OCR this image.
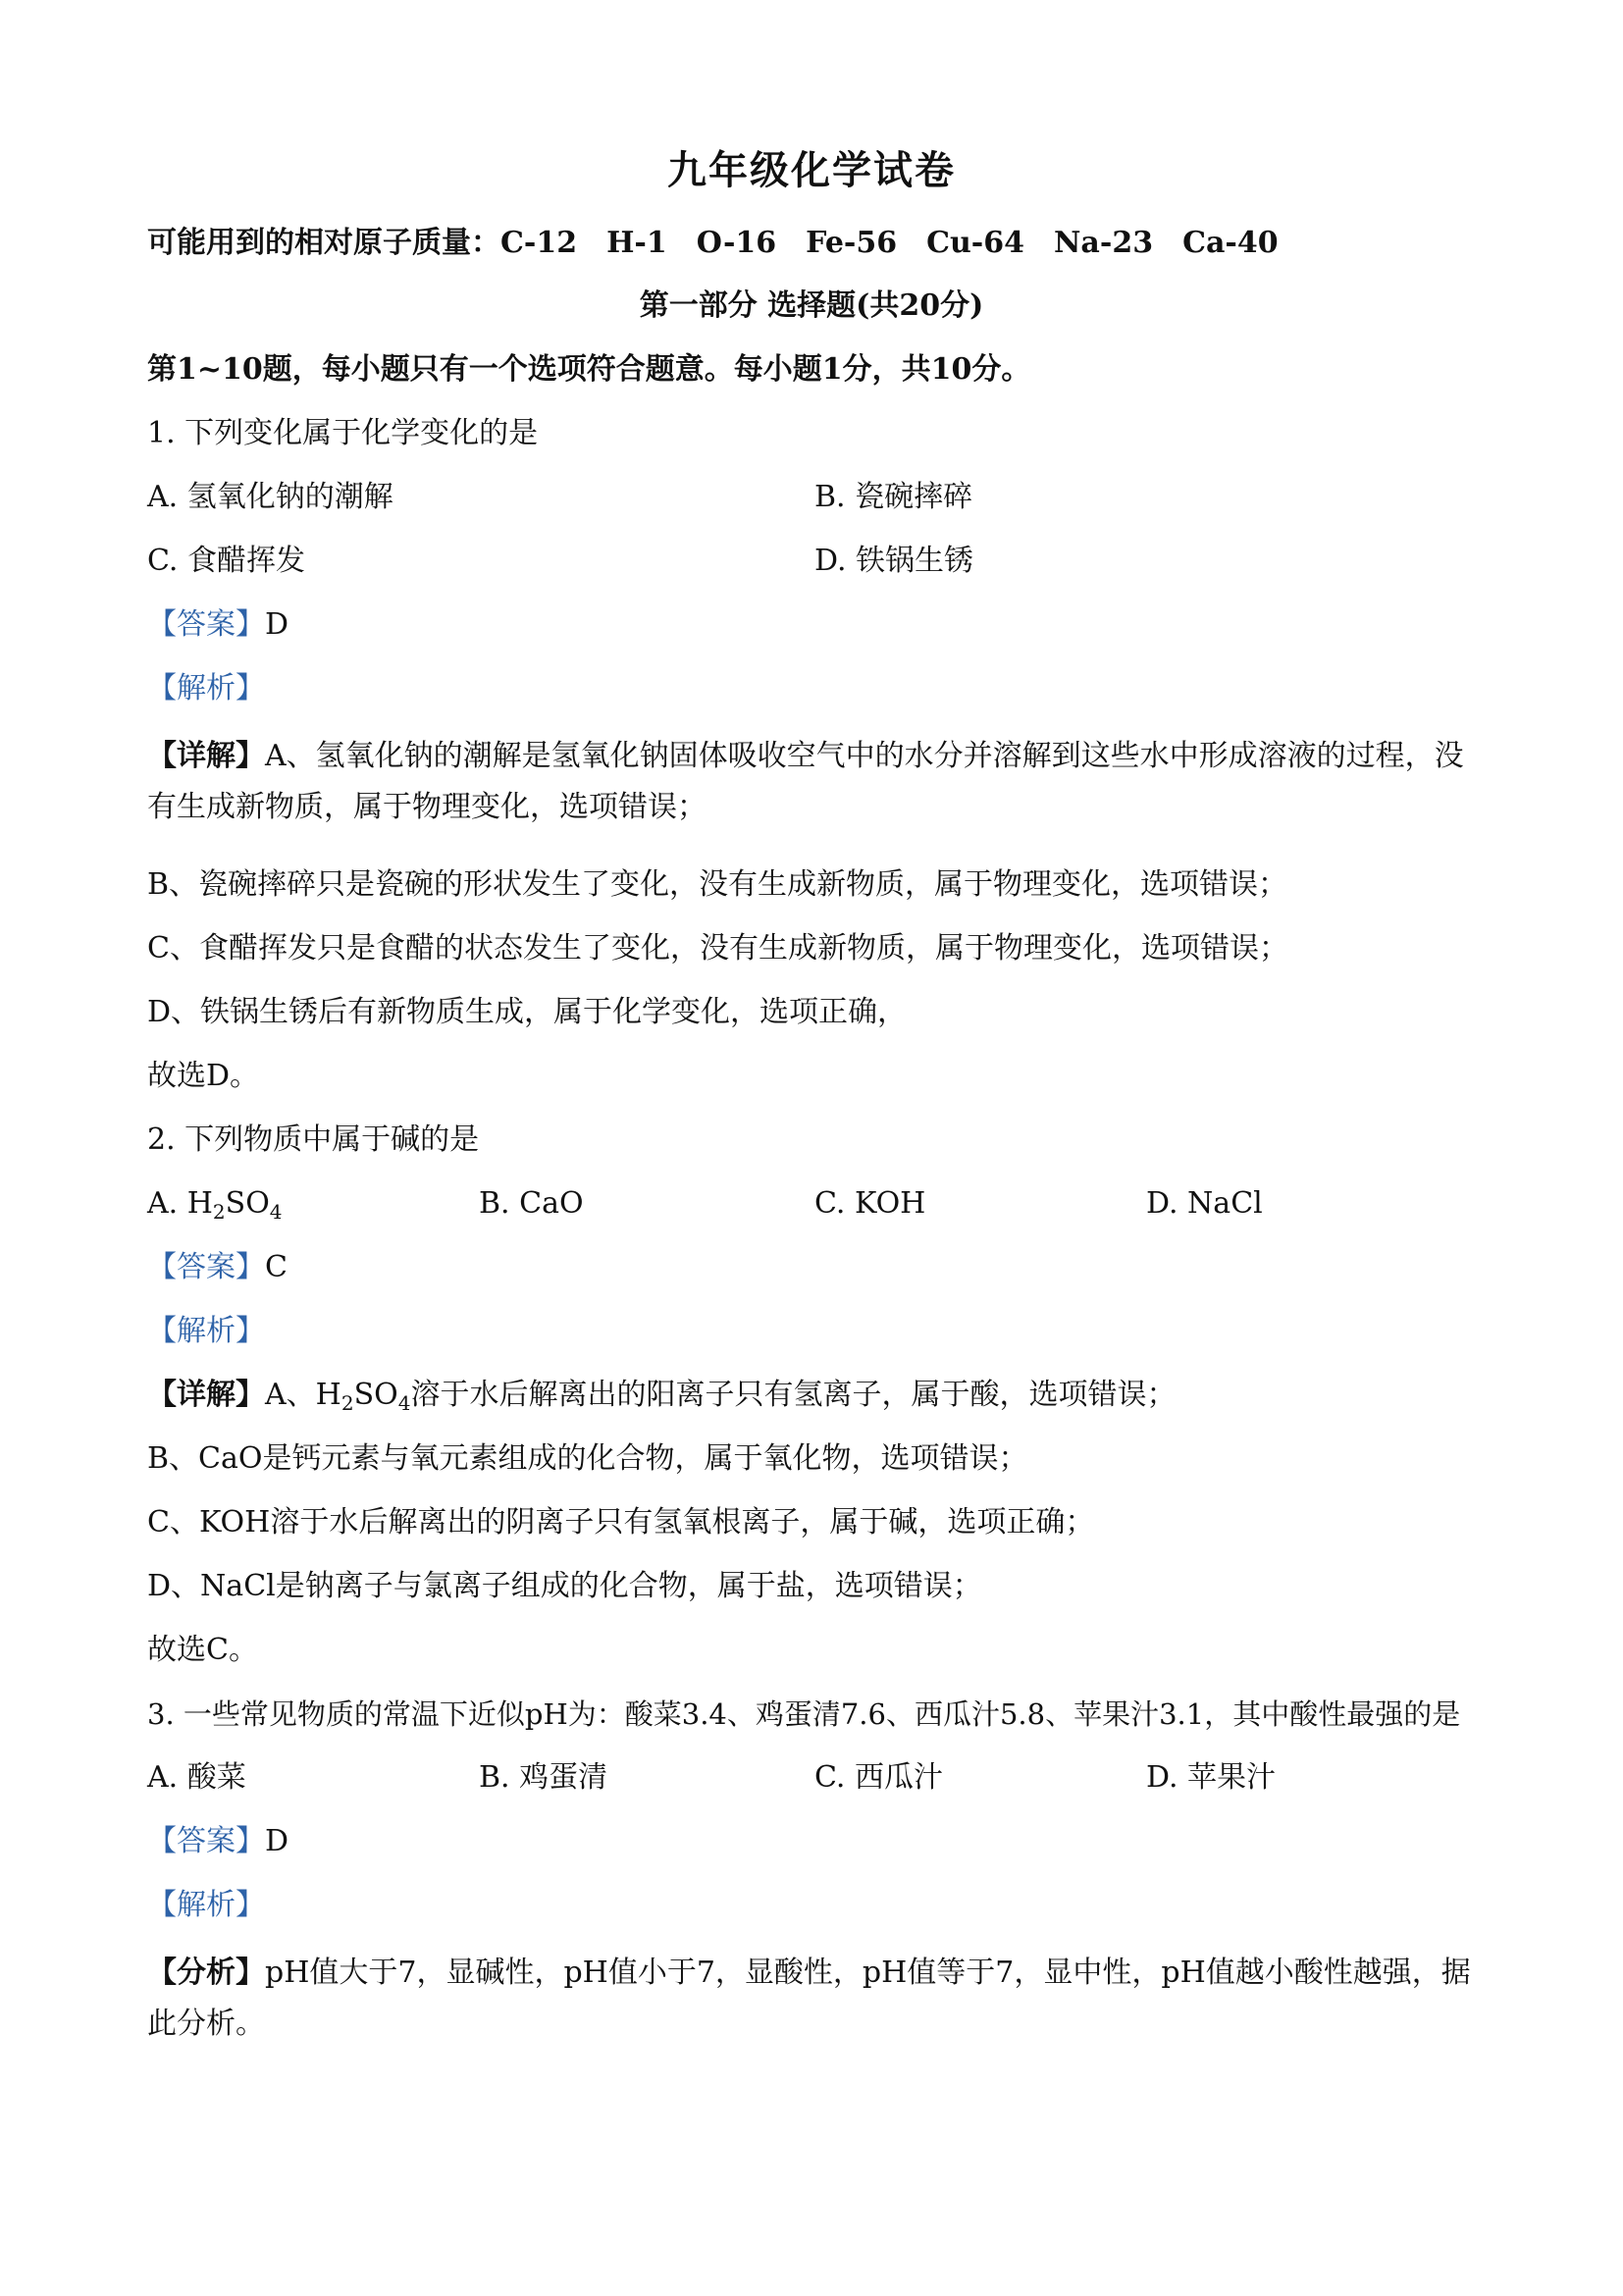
九年级化学试卷
可能用到的相对原子质量：C-12　H-1　O-16　Fe-56　Cu-64　Na-23　Ca-40
第一部分 选择题(共20分)
第1~10题，每小题只有一个选项符合题意。每小题1分，共10分。
1. 下列变化属于化学变化的是
A. 氢氧化钠的潮解	B. 瓷碗摔碎
C. 食醋挥发	D. 铁锅生锈
【答案】D
【解析】
【详解】A、氢氧化钠的潮解是氢氧化钠固体吸收空气中的水分并溶解到这些水中形成溶液的过程，没有生成新物质，属于物理变化，选项错误；
B、瓷碗摔碎只是瓷碗的形状发生了变化，没有生成新物质，属于物理变化，选项错误；
C、食醋挥发只是食醋的状态发生了变化，没有生成新物质，属于物理变化，选项错误；
D、铁锅生锈后有新物质生成，属于化学变化，选项正确，
故选D。
2. 下列物质中属于碱的是
A. $H_2SO_4$	B. CaO	C. KOH	D. NaCl
【答案】C
【解析】
【详解】A、$H_2SO_4$溶于水后解离出的阳离子只有氢离子，属于酸，选项错误；
B、CaO是钙元素与氧元素组成的化合物，属于氧化物，选项错误；
C、KOH溶于水后解离出的阴离子只有氢氧根离子，属于碱，选项正确；
D、NaCl是钠离子与氯离子组成的化合物，属于盐，选项错误；
故选C。
3. 一些常见物质的常温下近似pH为：酸菜3.4、鸡蛋清7.6、西瓜汁5.8、苹果汁3.1，其中酸性最强的是
A. 酸菜	B. 鸡蛋清	C. 西瓜汁	D. 苹果汁
【答案】D
【解析】
【分析】pH值大于7，显碱性，pH值小于7，显酸性，pH值等于7，显中性，pH值越小酸性越强，据此分析。
